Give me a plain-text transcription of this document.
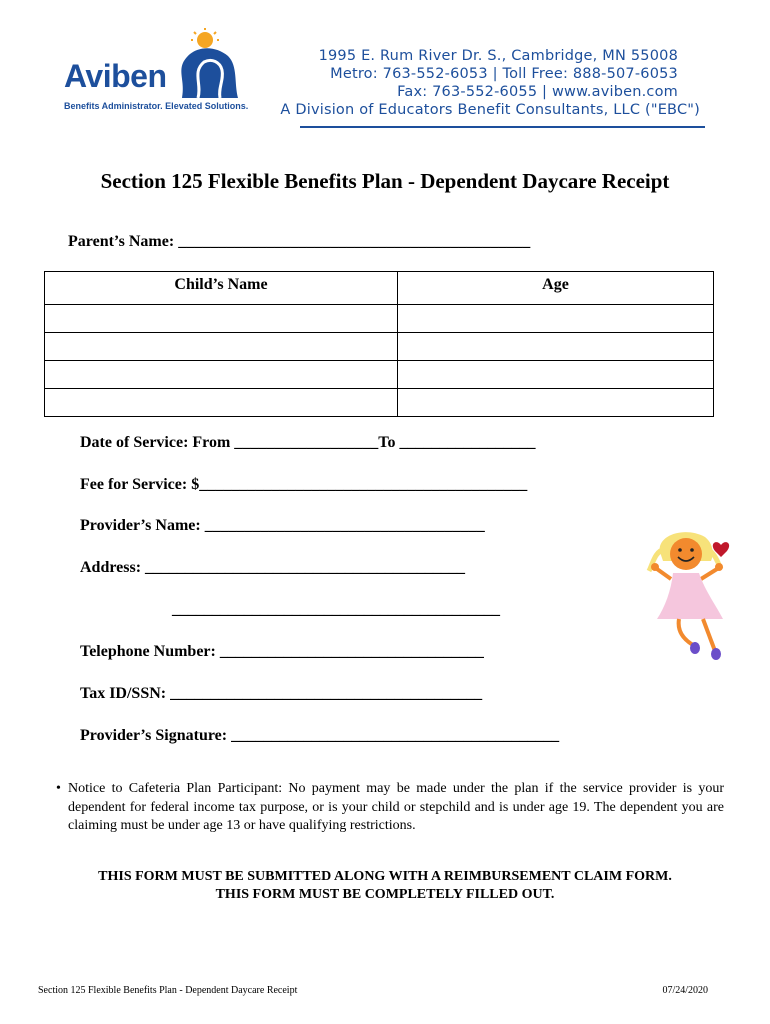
Aviben
Benefits Administrator. Elevated Solutions.
1995 E. Rum River Dr. S., Cambridge, MN 55008
Metro: 763-552-6053 | Toll Free: 888-507-6053
Fax: 763-552-6055 | www.aviben.com
A Division of Educators Benefit Consultants, LLC ("EBC")
Section 125 Flexible Benefits Plan - Dependent Daycare Receipt
Parent’s Name: ____________________________________________
Child’s Name	Age

Date of Service: From __________________To _________________
Fee for Service: $_________________________________________
Provider’s Name: ___________________________________
Address: ________________________________________
_________________________________________
Telephone Number: _________________________________
Tax ID/SSN: _______________________________________
Provider’s Signature: _________________________________________
• Notice to Cafeteria Plan Participant: No payment may be made under the plan if the service provider is your dependent for federal income tax purpose, or is your child or stepchild and is under age 19. The dependent you are claiming must be under age 13 or have qualifying restrictions.

THIS FORM MUST BE SUBMITTED ALONG WITH A REIMBURSEMENT CLAIM FORM.
THIS FORM MUST BE COMPLETELY FILLED OUT.
Section 125 Flexible Benefits Plan - Dependent Daycare Receipt	07/24/2020
